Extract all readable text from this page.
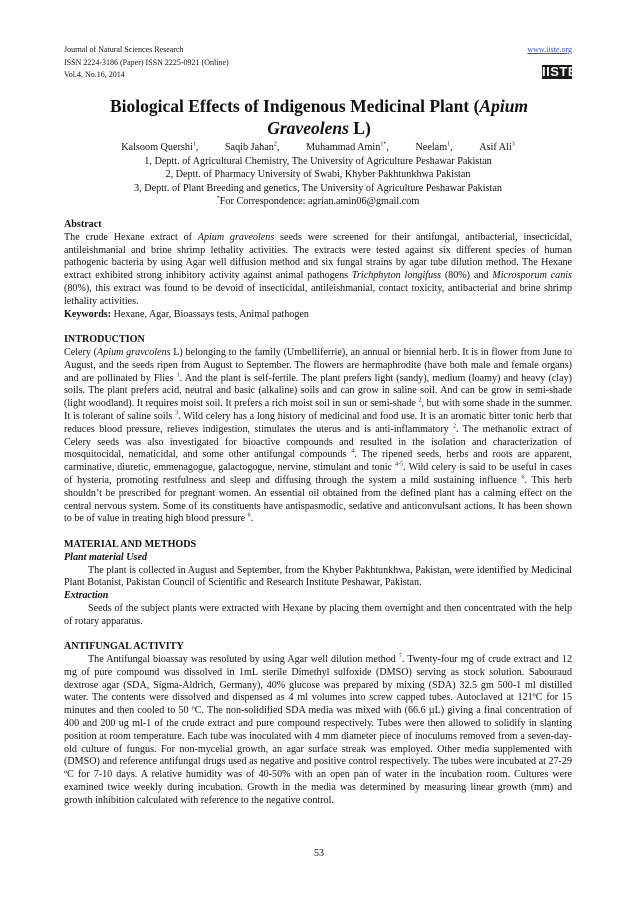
Journal of Natural Sciences Research
ISSN 2224-3186 (Paper) ISSN 2225-0921 (Online)
Vol.4, No.16, 2014
www.iiste.org

IISTE
Biological Effects of Indigenous Medicinal Plant (Apium
Graveolens L)
Kalsoom Quershi$^1$,	Saqib Jahan$^2$,	Muhammad Amin$^{1*}$,	Neelam$^1$,	Asif Ali$^3$
1, Deptt. of Agricultural Chemistry, The University of Agriculture Peshawar Pakistan
2, Deptt. of Pharmacy University of Swabi, Khyber Pakhtunkhwa Pakistan
3, Deptt. of Plant Breeding and genetics, The University of Agriculture Peshawar Pakistan
*For Correspondence: agrian.amin06@gmail.com

Abstract

The crude Hexane extract of Apium graveolens seeds were screened for their antifungal, antibacterial, insecticidal, antileishmanial and brine shrimp lethality activities. The extracts were tested against six different species of human pathogenic bacteria by using Agar well diffusion method and six fungal strains by agar tube dilution method. The Hexane extract exhibited strong inhibitory activity against animal pathogens Trichphyton longifuss (80%) and Microsporum canis (80%), this extract was found to be devoid of insecticidal, antileishmanial, contact toxicity, antibacterial and brine shrimp lethality activities.

Keywords: Hexane, Agar, Bioassays tests, Animal pathogen

INTRODUCTION

Celery (Apium gravcolens L) belonging to the family (Umbelliferrie), an annual or biennial herb. It is in flower from June to August, and the seeds ripen from August to September. The flowers are hermaphrodite (have both male and female organs) and are pollinated by Flies $^1$. And the plant is self-fertile. The plant prefers light (sandy), medium (loamy) and heavy (clay) soils. The plant prefers acid, neutral and basic (alkaline) soils and can grow in saline soil. And can be grow in semi-shade (light woodland). It requires moist soil. It prefers a rich moist soil in sun or semi-shade $^2$, but with some shade in the summer. It is tolerant of saline soils $^3$. Wild celery has a long history of medicinal and food use. It is an aromatic bitter tonic herb that reduces blood pressure, relieves indigestion, stimulates the uterus and is anti-inflammatory $^2$. The methanolic extract of Celery seeds was also investigated for bioactive compounds and resulted in the isolation and characterization of mosquitocidal, nematicidal, and some other antifungal compounds $^4$. The ripened seeds, herbs and roots are apparent, carminative, diuretic, emmenagogue, galactogogue, nervine, stimulant and tonic $^{4-5}$. Wild celery is said to be useful in cases of hysteria, promoting restfulness and sleep and diffusing through the system a mild sustaining influence $^6$. This herb shouldn’t be prescribed for pregnant women. An essential oil obtained from the defined plant has a calming effect on the central nervous system. Some of its constituents have antispasmodic, sedative and anticonvulsant actions. It has been shown to be of value in treating high blood pressure $^6$.

MATERIAL AND METHODS

Plant material Used

The plant is collected in August and September, from the Khyber Pakhtunkhwa, Pakistan, were identified by Medicinal Plant Botanist, Pakistan Council of Scientific and Research Institute Peshawar, Pakistan.

Extraction

Seeds of the subject plants were extracted with Hexane by placing them overnight and then concentrated with the help of rotary apparatus.

ANTIFUNGAL ACTIVITY

The Antifungal bioassay was resoluted by using Agar well dilution method $^7$. Twenty-four mg of crude extract and 12 mg of pure compound was dissolved in 1mL sterile Dimethyl sulfoxide (DMSO) serving as stock solution. Sabouraud dextrose agar (SDA, Sigma-Aldrich, Germany), 40% glucose was prepared by mixing (SDA) 32.5 gm 500-1 ml distilled water. The contents were dissolved and dispensed as 4 ml volumes into screw capped tubes. Autoclaved at 121ºC for 15 minutes and then cooled to 50 ºC. The non-solidified SDA media was mixed with (66.6 µL) giving a final concentration of 400 and 200 ug ml-1 of the crude extract and pure compound respectively. Tubes were then allowed to solidify in slanting position at room temperature. Each tube was inoculated with 4 mm diameter piece of inoculums removed from a seven-day-old culture of fungus. For non-mycelial growth, an agar surface streak was employed. Other media supplemented with (DMSO) and reference antifungal drugs used as negative and positive control respectively. The tubes were incubated at 27-29 ºC for 7-10 days. A relative humidity was of 40-50% with an open pan of water in the incubation room. Cultures were examined twice weekly during incubation. Growth in the media was determined by measuring linear growth (mm) and growth inhibition calculated with reference to the negative control.

53
